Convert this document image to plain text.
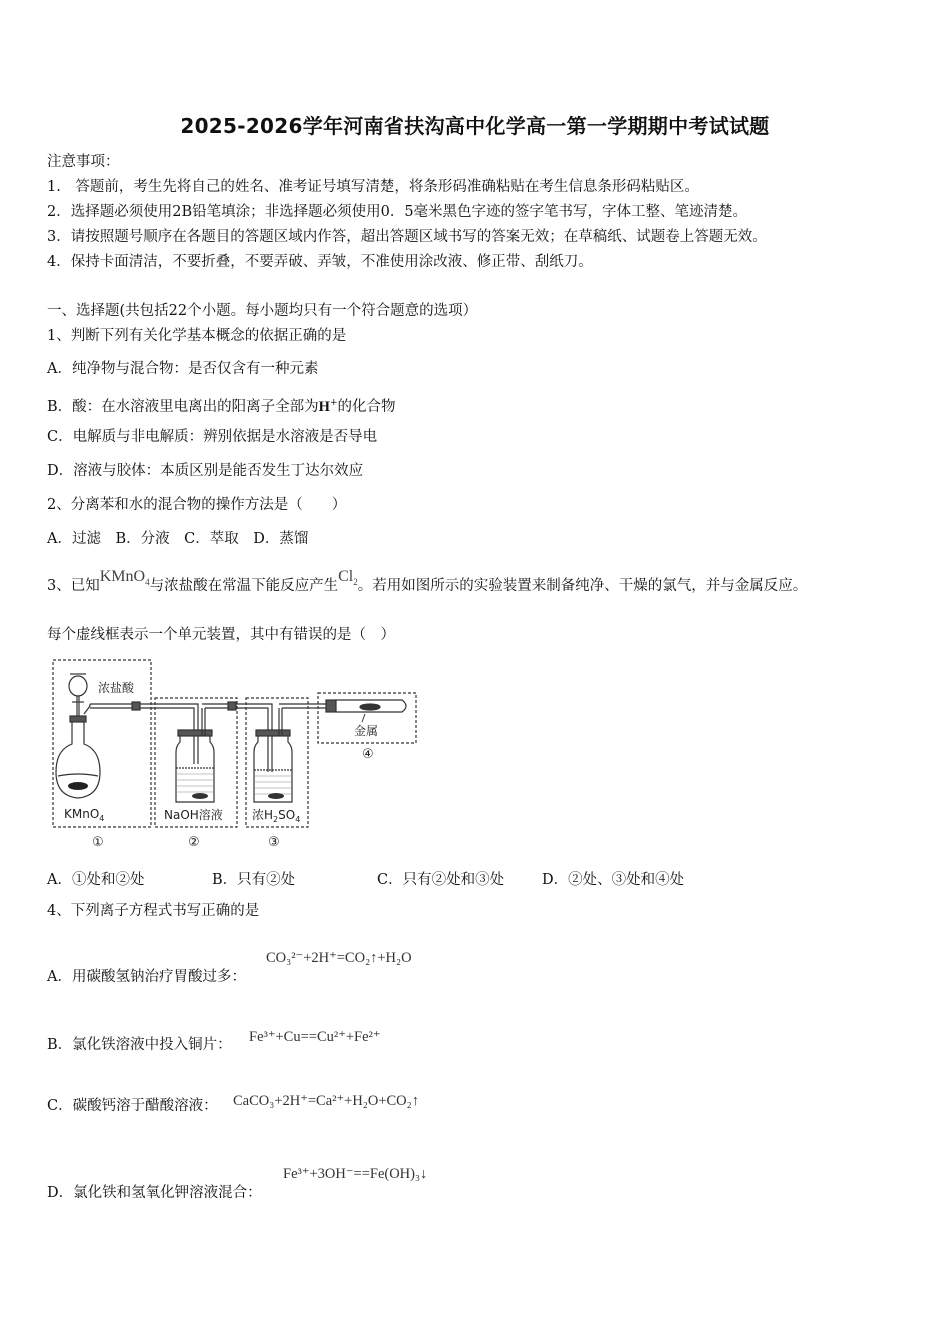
2025-2026学年河南省扶沟高中化学高一第一学期期中考试试题
注意事项：
1.　答题前，考生先将自己的姓名、准考证号填写清楚，将条形码准确粘贴在考生信息条形码粘贴区。
2．选择题必须使用2B铅笔填涂；非选择题必须使用0．5毫米黑色字迹的签字笔书写，字体工整、笔迹清楚。
3．请按照题号顺序在各题目的答题区域内作答，超出答题区域书写的答案无效；在草稿纸、试题卷上答题无效。
4．保持卡面清洁，不要折叠，不要弄破、弄皱，不准使用涂改液、修正带、刮纸刀。
一、选择题(共包括22个小题。每小题均只有一个符合题意的选项）
1、判断下列有关化学基本概念的依据正确的是
A．纯净物与混合物：是否仅含有一种元素
B．酸：在水溶液里电离出的阳离子全部为H+的化合物
C．电解质与非电解质：辨别依据是水溶液是否导电
D．溶液与胶体：本质区别是能否发生丁达尔效应
2、分离苯和水的混合物的操作方法是（　　）
A．过滤　B．分液　C．萃取　D．蒸馏
3、已知KMnO$_4$与浓盐酸在常温下能反应产生$Cl_2$。若用如图所示的实验装置来制备纯净、干燥的氯气，并与金属反应。
每个虚线框表示一个单元装置，其中有错误的是（　）
浓盐酸
KMnO$_4$	NaOH溶液 浓$H_2SO_4$
金属
①	②	③
④
A．①处和②处	B．只有②处	C．只有②处和③处	D．②处、③处和④处
4、下列离子方程式书写正确的是
CO₃²⁻+2H⁺=CO₂↑+H₂O
A．用碳酸氢钠治疗胃酸过多：
Fe³⁺+Cu==Cu²⁺+Fe²⁺
B．氯化铁溶液中投入铜片：
CaCO₃+2H⁺=Ca²⁺+H₂O+CO₂↑
C．碳酸钙溶于醋酸溶液：
Fe³⁺+3OH⁻==Fe(OH)₃↓
D．氯化铁和氢氧化钾溶液混合：
